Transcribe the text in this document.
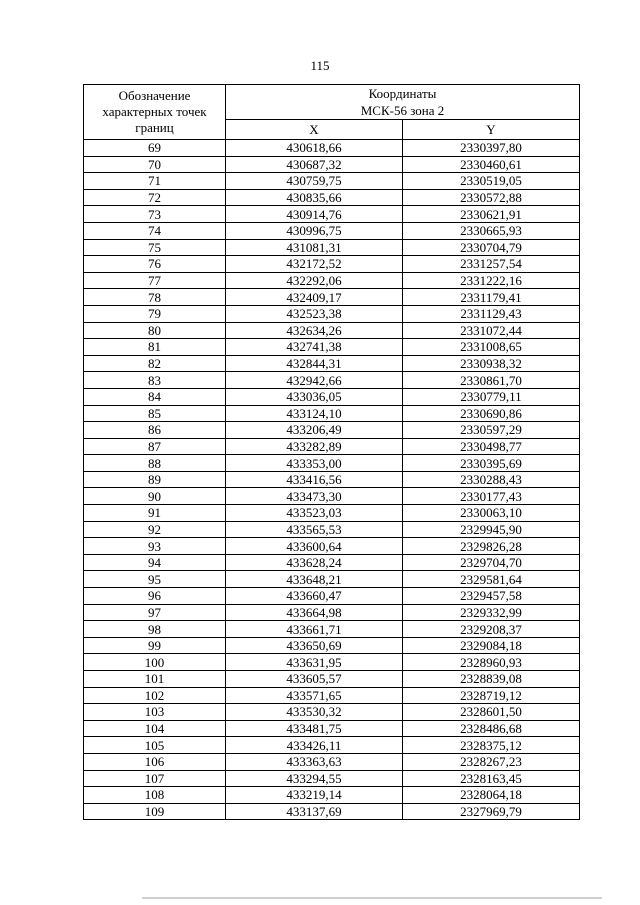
115
Обозначение характерных точек границ	Координаты
МСК-56 зона 2	

	X	Y
69	430618,66	2330397,80
70	430687,32	2330460,61
71	430759,75	2330519,05
72	430835,66	2330572,88
73	430914,76	2330621,91
74	430996,75	2330665,93
75	431081,31	2330704,79
76	432172,52	2331257,54
77	432292,06	2331222,16
78	432409,17	2331179,41
79	432523,38	2331129,43
80	432634,26	2331072,44
81	432741,38	2331008,65
82	432844,31	2330938,32
83	432942,66	2330861,70
84	433036,05	2330779,11
85	433124,10	2330690,86
86	433206,49	2330597,29
87	433282,89	2330498,77
88	433353,00	2330395,69
89	433416,56	2330288,43
90	433473,30	2330177,43
91	433523,03	2330063,10
92	433565,53	2329945,90
93	433600,64	2329826,28
94	433628,24	2329704,70
95	433648,21	2329581,64
96	433660,47	2329457,58
97	433664,98	2329332,99
98	433661,71	2329208,37
99	433650,69	2329084,18
100	433631,95	2328960,93
101	433605,57	2328839,08
102	433571,65	2328719,12
103	433530,32	2328601,50
104	433481,75	2328486,68
105	433426,11	2328375,12
106	433363,63	2328267,23
107	433294,55	2328163,45
108	433219,14	2328064,18
109	433137,69	2327969,79
